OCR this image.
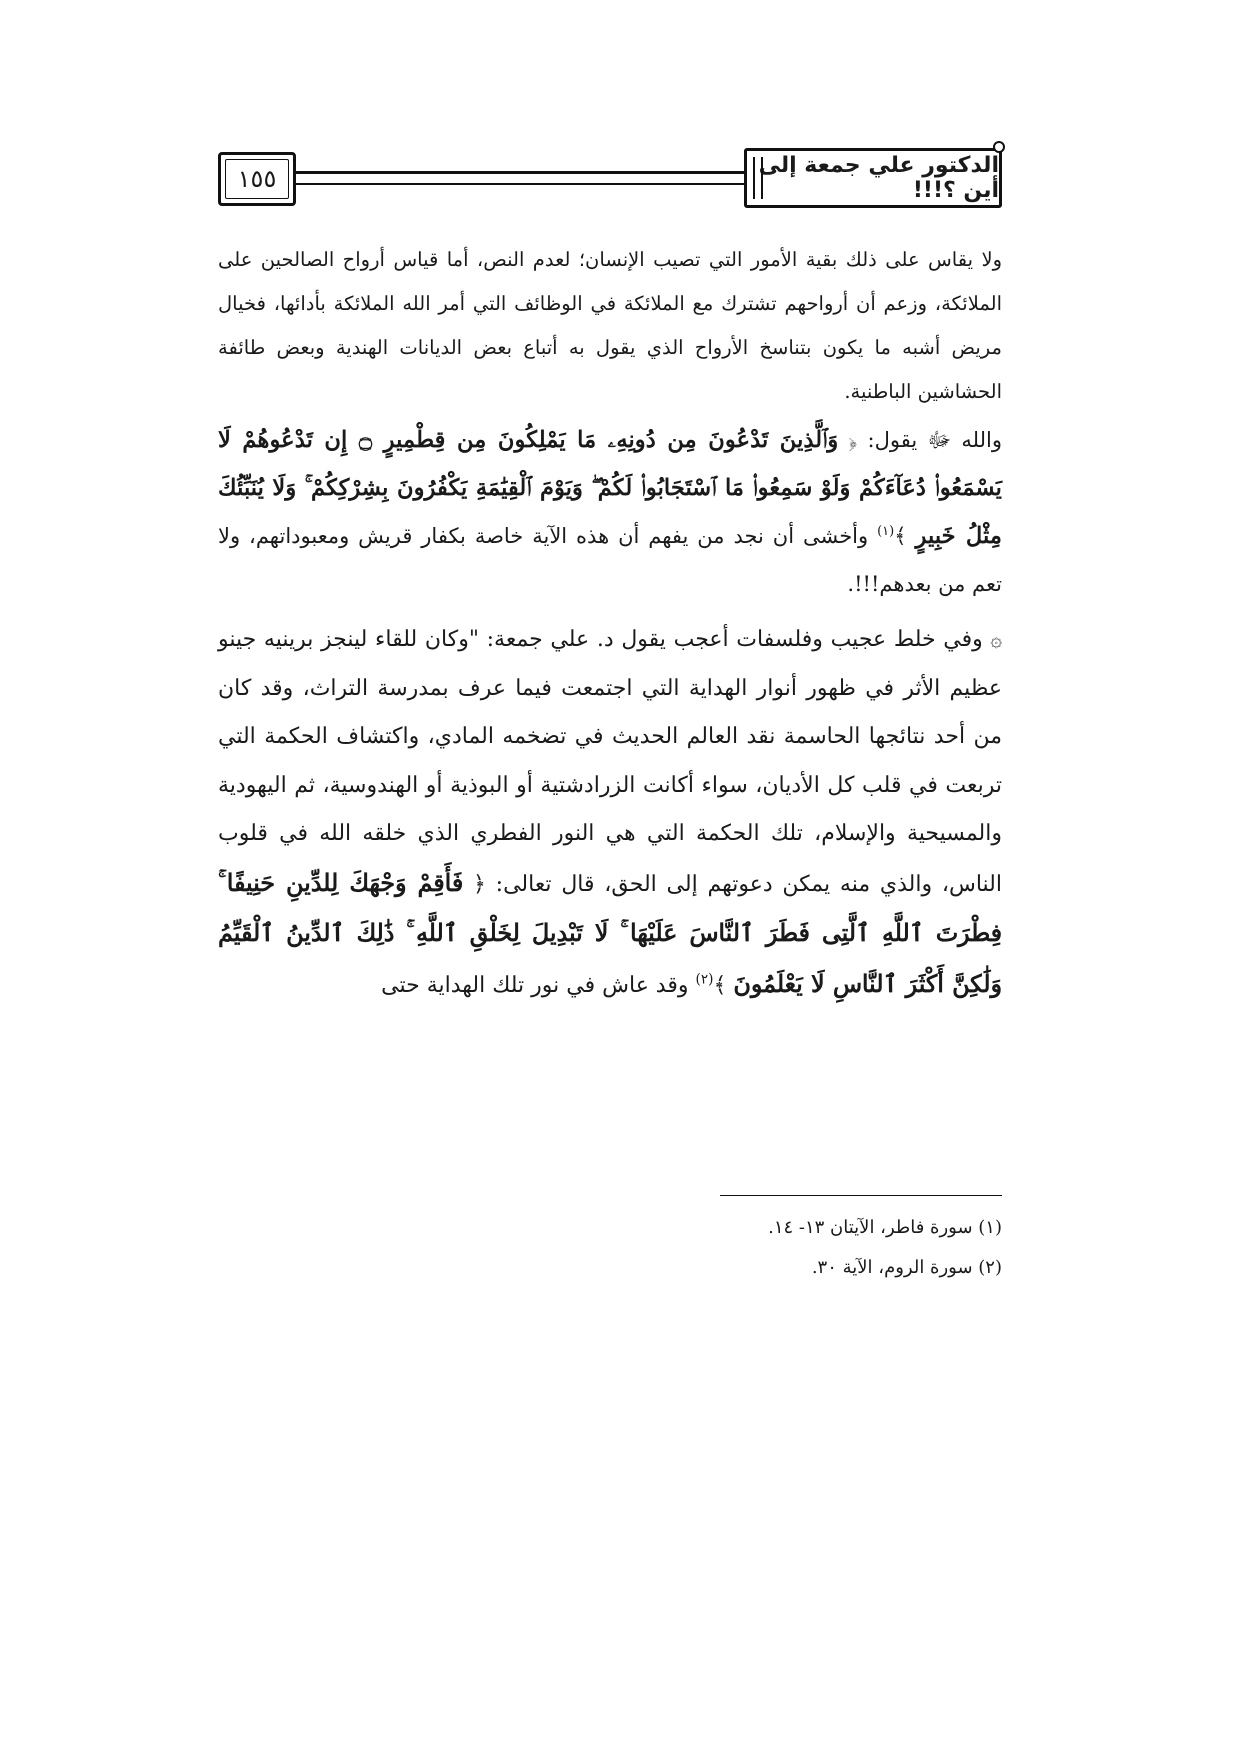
١٥٥	الدكتور علي جمعة إلى أين ؟!!!

ولا يقاس على ذلك بقية الأمور التي تصيب الإنسان؛ لعدم النص، أما قياس أرواح الصالحين على الملائكة، وزعم أن أرواحهم تشترك مع الملائكة في الوظائف التي أمر الله الملائكة بأدائها، فخيال مريض أشبه ما يكون بتناسخ الأرواح الذي يقول به أتباع بعض الديانات الهندية وبعض طائفة الحشاشين الباطنية.

والله ﷻ يقول: ﴿ وَٱلَّذِينَ تَدْعُونَ مِن دُونِهِۦ مَا يَمْلِكُونَ مِن قِطْمِيرٍ ۝ إِن تَدْعُوهُمْ لَا يَسْمَعُوا۟ دُعَآءَكُمْ وَلَوْ سَمِعُوا۟ مَا ٱسْتَجَابُوا۟ لَكُمْ ۖ وَيَوْمَ ٱلْقِيَٰمَةِ يَكْفُرُونَ بِشِرْكِكُمْ ۚ وَلَا يُنَبِّئُكَ مِثْلُ خَبِيرٍ ﴾$^{(١)}$ وأخشى أن نجد من يفهم أن هذه الآية خاصة بكفار قريش ومعبوداتهم، ولا تعم من بعدهم!!!.

۞ وفي خلط عجيب وفلسفات أعجب يقول د. علي جمعة: "وكان للقاء لينجز برينيه جينو عظيم الأثر في ظهور أنوار الهداية التي اجتمعت فيما عرف بمدرسة التراث، وقد كان من أحد نتائجها الحاسمة نقد العالم الحديث في تضخمه المادي، واكتشاف الحكمة التي تربعت في قلب كل الأديان، سواء أكانت الزرادشتية أو البوذية أو الهندوسية، ثم اليهودية والمسيحية والإسلام، تلك الحكمة التي هي النور الفطري الذي خلقه الله في قلوب الناس، والذي منه يمكن دعوتهم إلى الحق، قال تعالى: ﴿ فَأَقِمْ وَجْهَكَ لِلدِّينِ حَنِيفًا ۚ فِطْرَتَ ٱللَّهِ ٱلَّتِى فَطَرَ ٱلنَّاسَ عَلَيْهَا ۚ لَا تَبْدِيلَ لِخَلْقِ ٱللَّهِ ۚ ذَٰلِكَ ٱلدِّينُ ٱلْقَيِّمُ وَلَٰكِنَّ أَكْثَرَ ٱلنَّاسِ لَا يَعْلَمُونَ ﴾$^{(٢)}$ وقد عاش في نور تلك الهداية حتى

(١) سورة فاطر، الآيتان ١٣- ١٤.

(٢) سورة الروم، الآية ٣٠.
